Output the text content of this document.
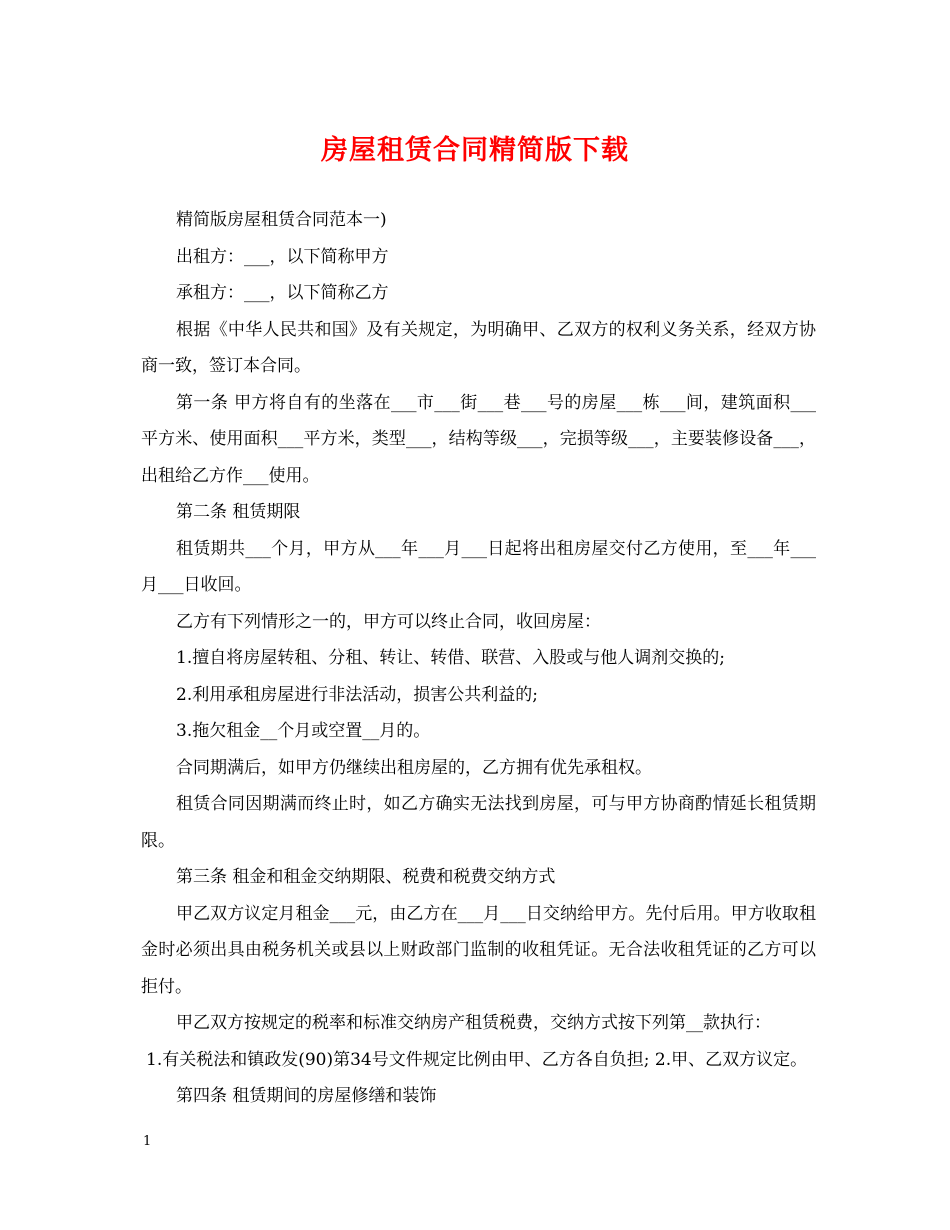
房屋租赁合同精简版下载

精简版房屋租赁合同范本一)

出租方：___，以下简称甲方

承租方：___，以下简称乙方

根据《中华人民共和国》及有关规定，为明确甲、乙双方的权利义务关系，经双方协商一致，签订本合同。

第一条 甲方将自有的坐落在___市___街___巷___号的房屋___栋___间，建筑面积___平方米、使用面积___平方米，类型___，结构等级___，完损等级___，主要装修设备___，出租给乙方作___使用。

第二条 租赁期限

租赁期共___个月，甲方从___年___月___日起将出租房屋交付乙方使用，至___年___月___日收回。

乙方有下列情形之一的，甲方可以终止合同，收回房屋：

1.擅自将房屋转租、分租、转让、转借、联营、入股或与他人调剂交换的;

2.利用承租房屋进行非法活动，损害公共利益的;

3.拖欠租金__个月或空置__月的。

合同期满后，如甲方仍继续出租房屋的，乙方拥有优先承租权。

租赁合同因期满而终止时，如乙方确实无法找到房屋，可与甲方协商酌情延长租赁期限。

第三条 租金和租金交纳期限、税费和税费交纳方式

甲乙双方议定月租金___元，由乙方在___月___日交纳给甲方。先付后用。甲方收取租金时必须出具由税务机关或县以上财政部门监制的收租凭证。无合法收租凭证的乙方可以拒付。

甲乙双方按规定的税率和标准交纳房产租赁税费，交纳方式按下列第__款执行：

1.有关税法和镇政发(90)第34号文件规定比例由甲、乙方各自负担; 2.甲、乙双方议定。

第四条 租赁期间的房屋修缮和装饰

1
